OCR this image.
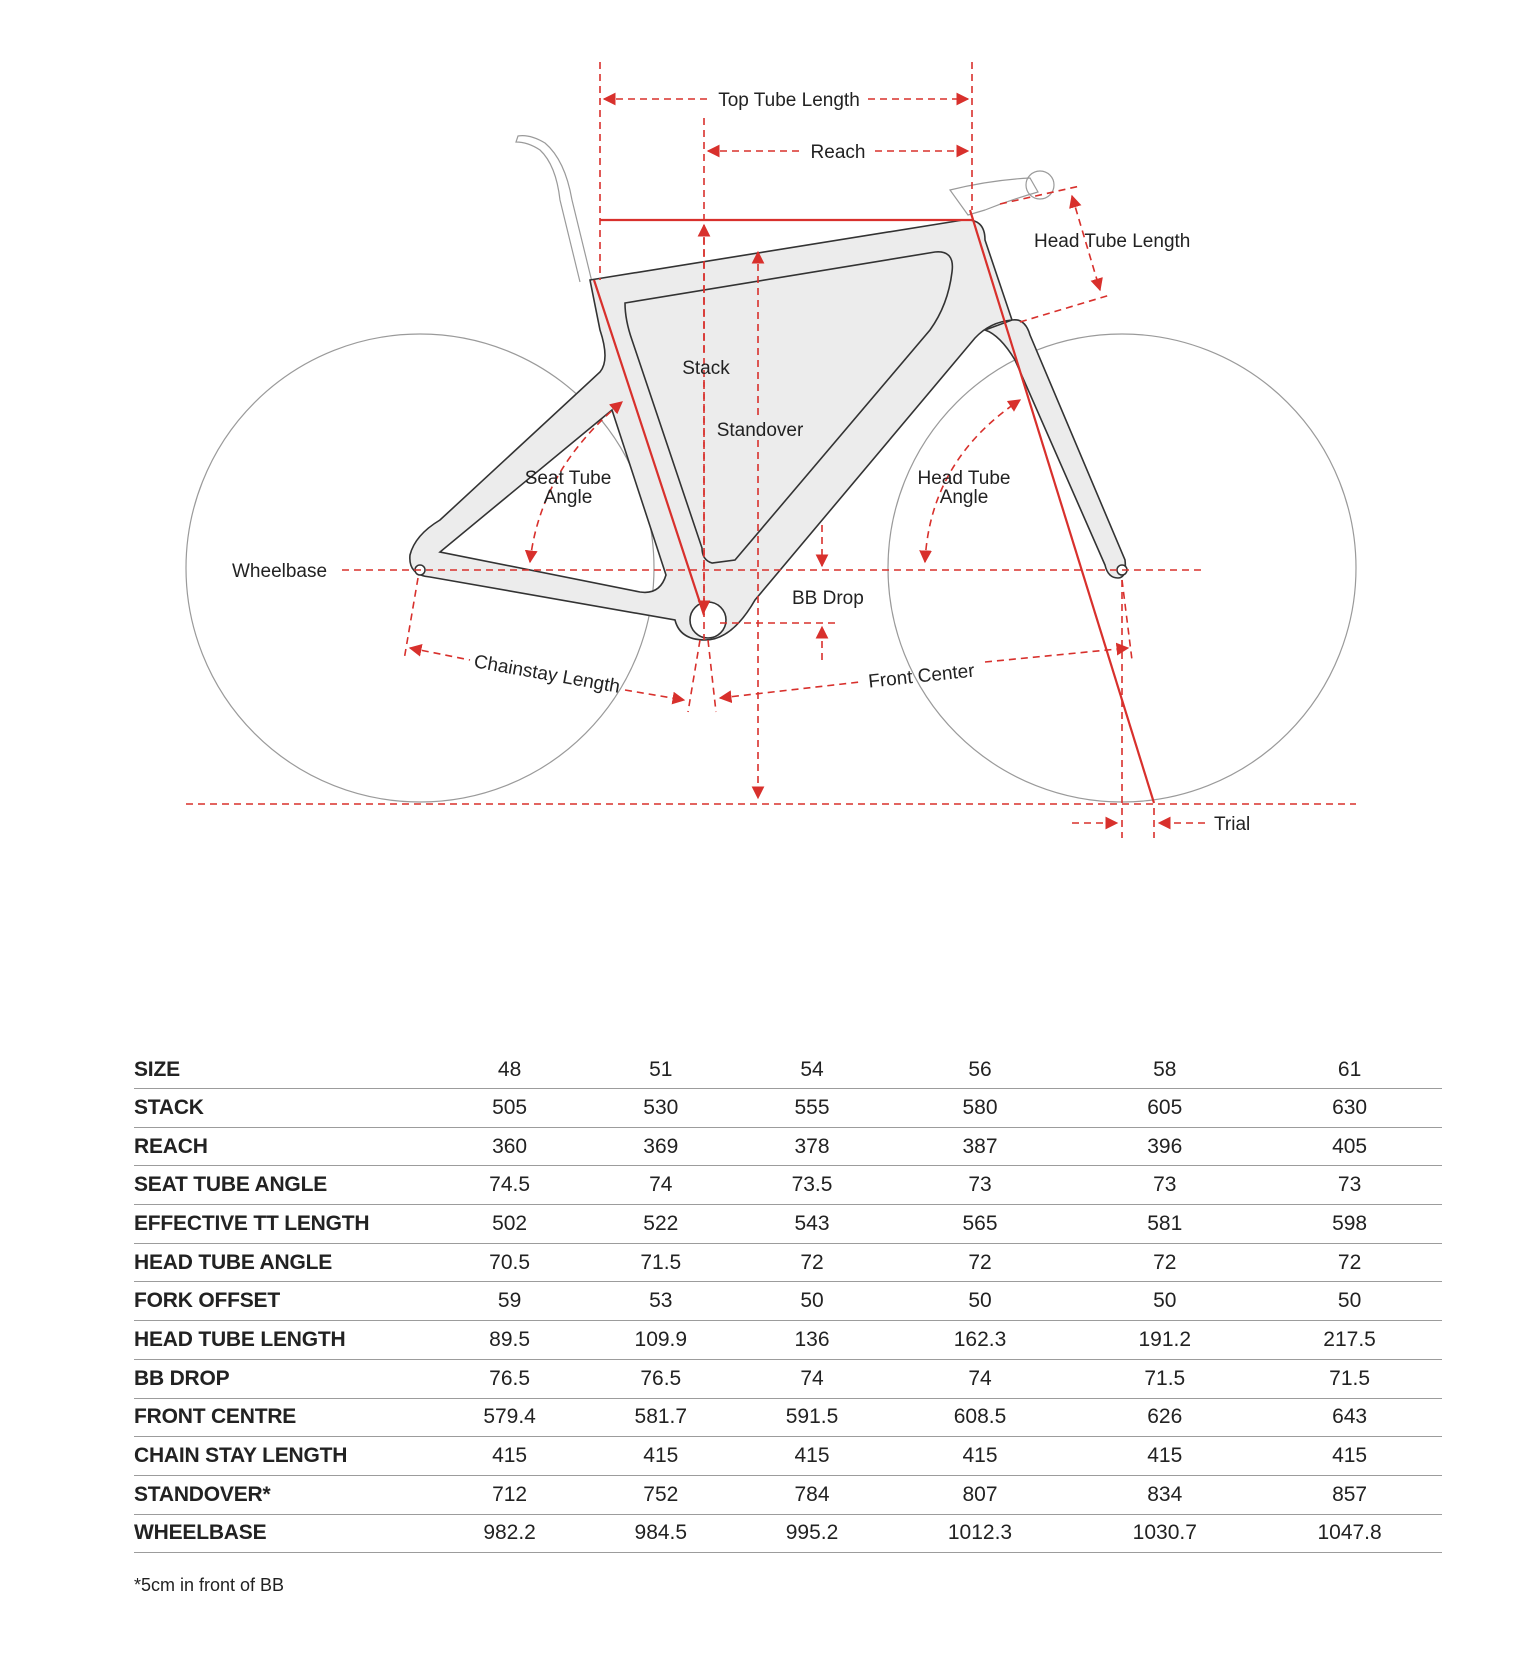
Top Tube Length
Reach
Stack
Standover
Head Tube Length
Seat Tube
Angle
Head Tube
Angle
Wheelbase
BB Drop
Chainstay Length	Front Center
Trial
SIZE	48	51	54	56	58	61
STACK	505	530	555	580	605	630
REACH	360	369	378	387	396	405
SEAT TUBE ANGLE	74.5	74	73.5	73	73	73
EFFECTIVE TT LENGTH	502	522	543	565	581	598
HEAD TUBE ANGLE	70.5	71.5	72	72	72	72
FORK OFFSET	59	53	50	50	50	50
HEAD TUBE LENGTH	89.5	109.9	136	162.3	191.2	217.5
BB DROP	76.5	76.5	74	74	71.5	71.5
FRONT CENTRE	579.4	581.7	591.5	608.5	626	643
CHAIN STAY LENGTH	415	415	415	415	415	415
STANDOVER*	712	752	784	807	834	857
WHEELBASE	982.2	984.5	995.2	1012.3	1030.7	1047.8
*5cm in front of BB
